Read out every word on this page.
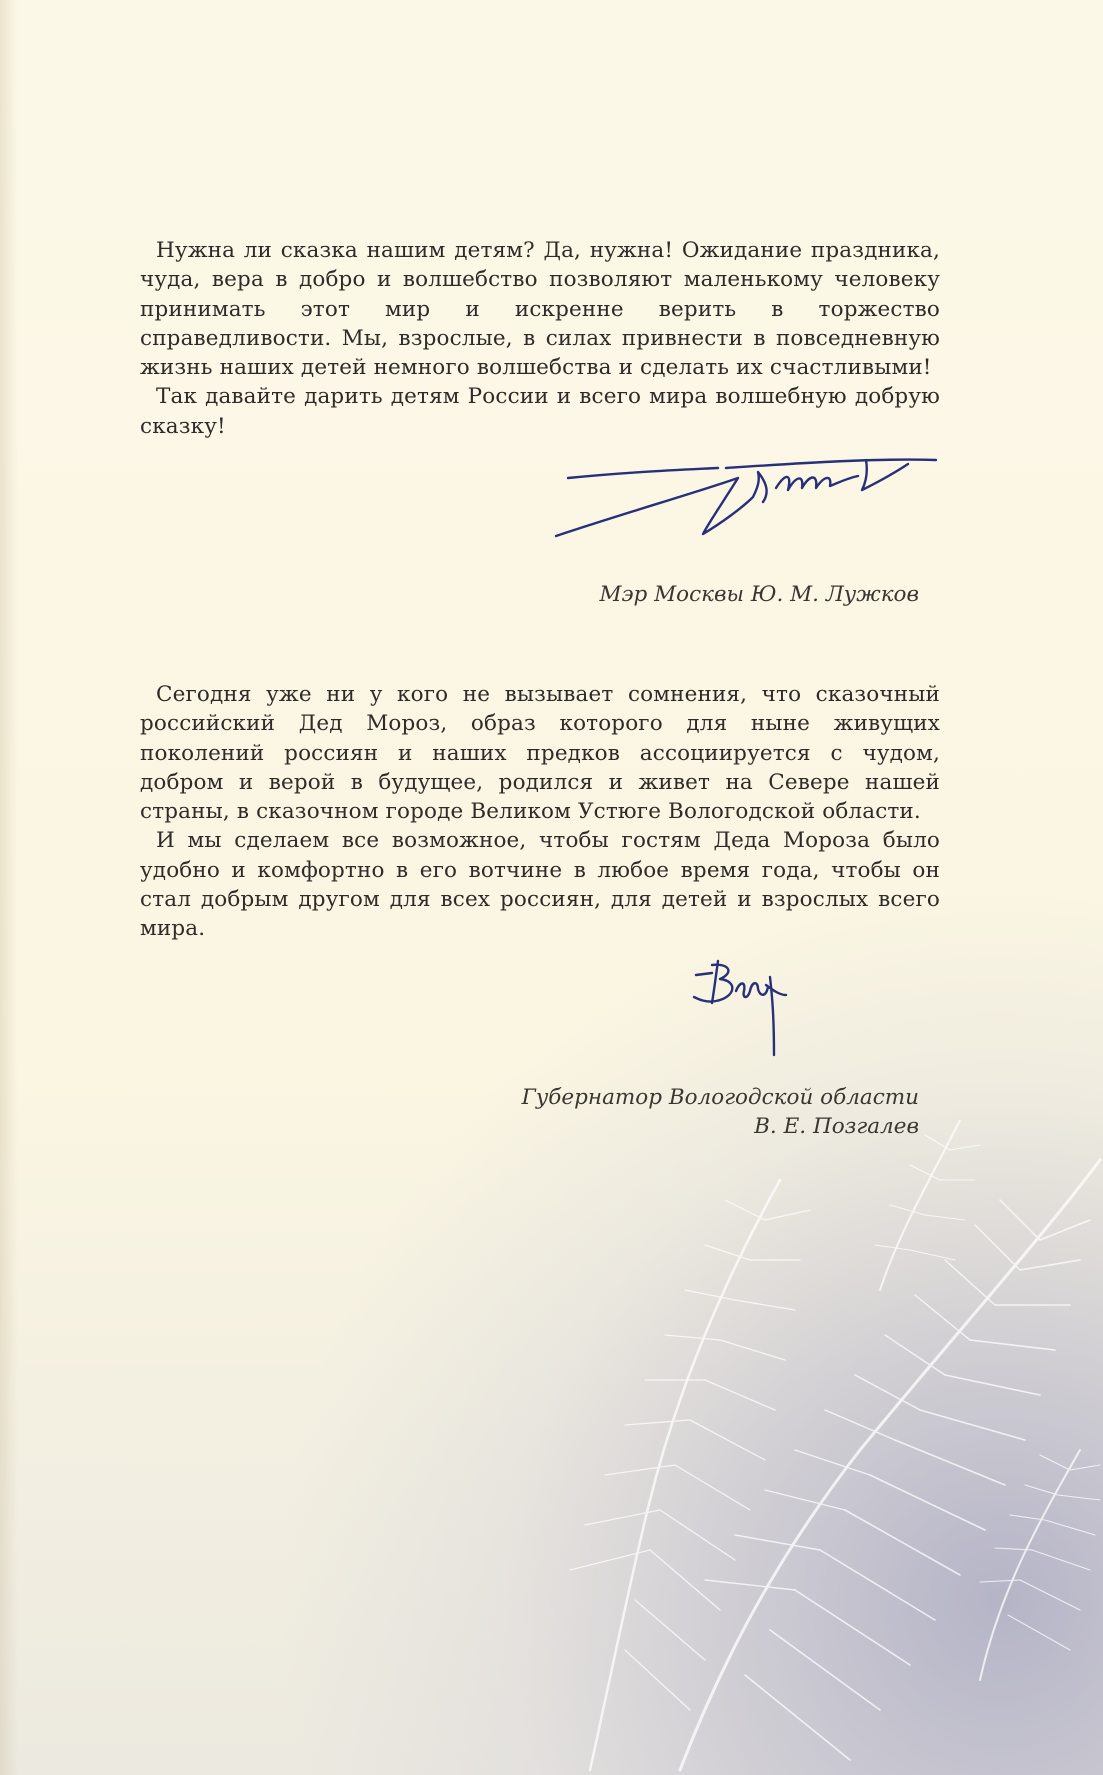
Нужна ли сказка нашим детям? Да, нужна! Ожидание праздника, чуда, вера в добро и волшебство позволяют маленькому человеку принимать этот мир и искренне верить в торжество справедливости. Мы, взрослые, в силах привнести в повседневную жизнь наших детей немного волшебства и сделать их счастливыми!

Так давайте дарить детям России и всего мира волшебную добрую сказку!

Мэр Москвы Ю. М. Лужков

Сегодня уже ни у кого не вызывает сомнения, что сказочный российский Дед Мороз, образ которого для ныне живущих поколений россиян и наших предков ассоциируется с чудом, добром и верой в будущее, родился и живет на Севере нашей страны, в сказочном городе Великом Устюге Вологодской области.

И мы сделаем все возможное, чтобы гостям Деда Мороза было удобно и комфортно в его вотчине в любое время года, чтобы он стал добрым другом для всех россиян, для детей и взрослых всего мира.

Губернатор Вологодской области
В. Е. Позгалев
